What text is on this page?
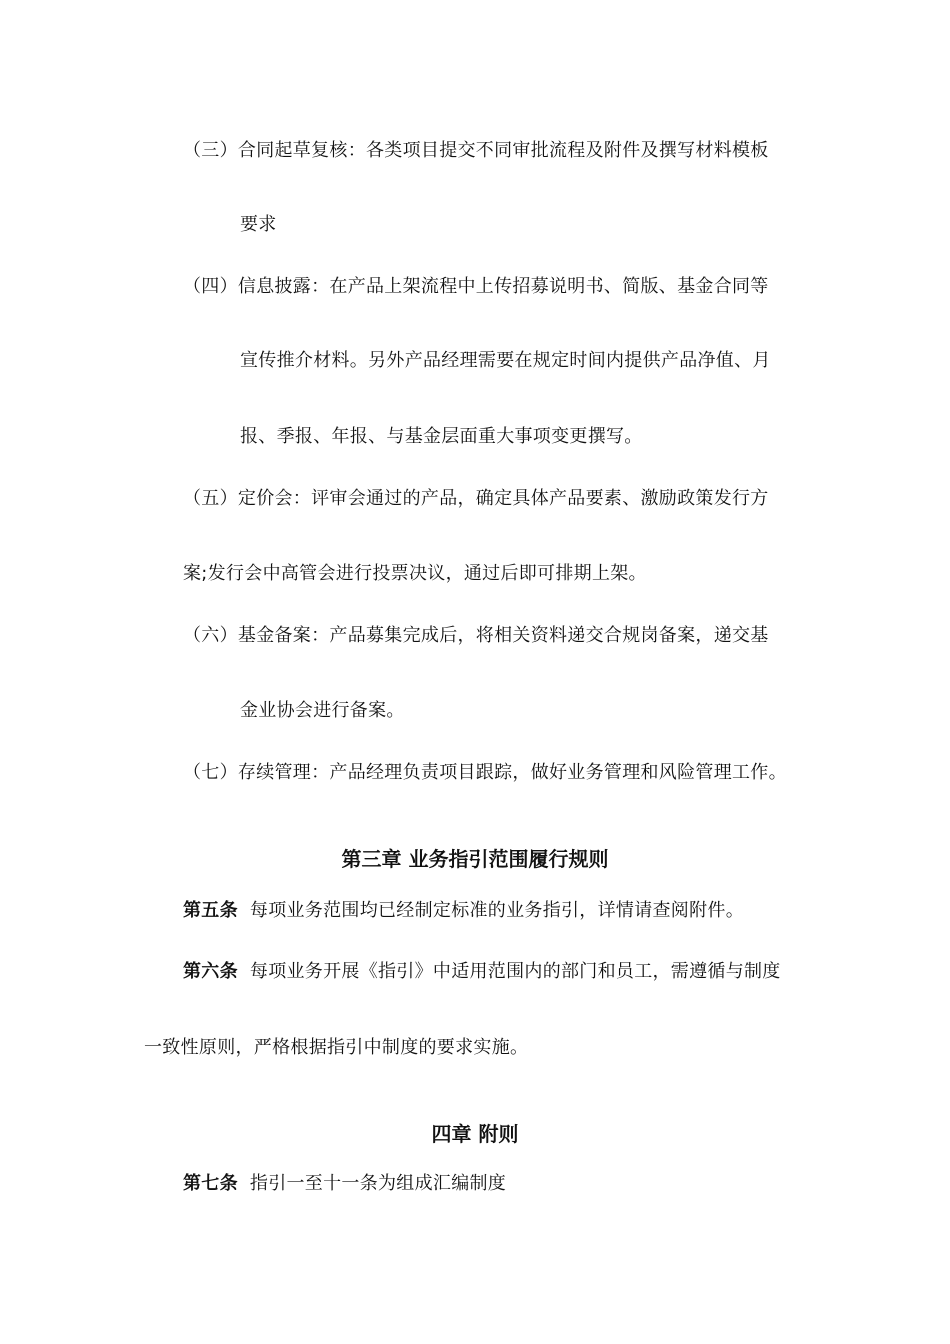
（三）合同起草复核：各类项目提交不同审批流程及附件及撰写材料模板
要求
（四）信息披露：在产品上架流程中上传招募说明书、简版、基金合同等
宣传推介材料。另外产品经理需要在规定时间内提供产品净值、月
报、季报、年报、与基金层面重大事项变更撰写。
（五）定价会：评审会通过的产品，确定具体产品要素、激励政策发行方
案;发行会中高管会进行投票决议，通过后即可排期上架。
（六）基金备案：产品募集完成后，将相关资料递交合规岗备案，递交基
金业协会进行备案。
（七）存续管理：产品经理负责项目跟踪，做好业务管理和风险管理工作。
第三章 业务指引范围履行规则
第五条 每项业务范围均已经制定标准的业务指引，详情请查阅附件。
第六条 每项业务开展《指引》中适用范围内的部门和员工，需遵循与制度
一致性原则，严格根据指引中制度的要求实施。
四章 附则
第七条 指引一至十一条为组成汇编制度
